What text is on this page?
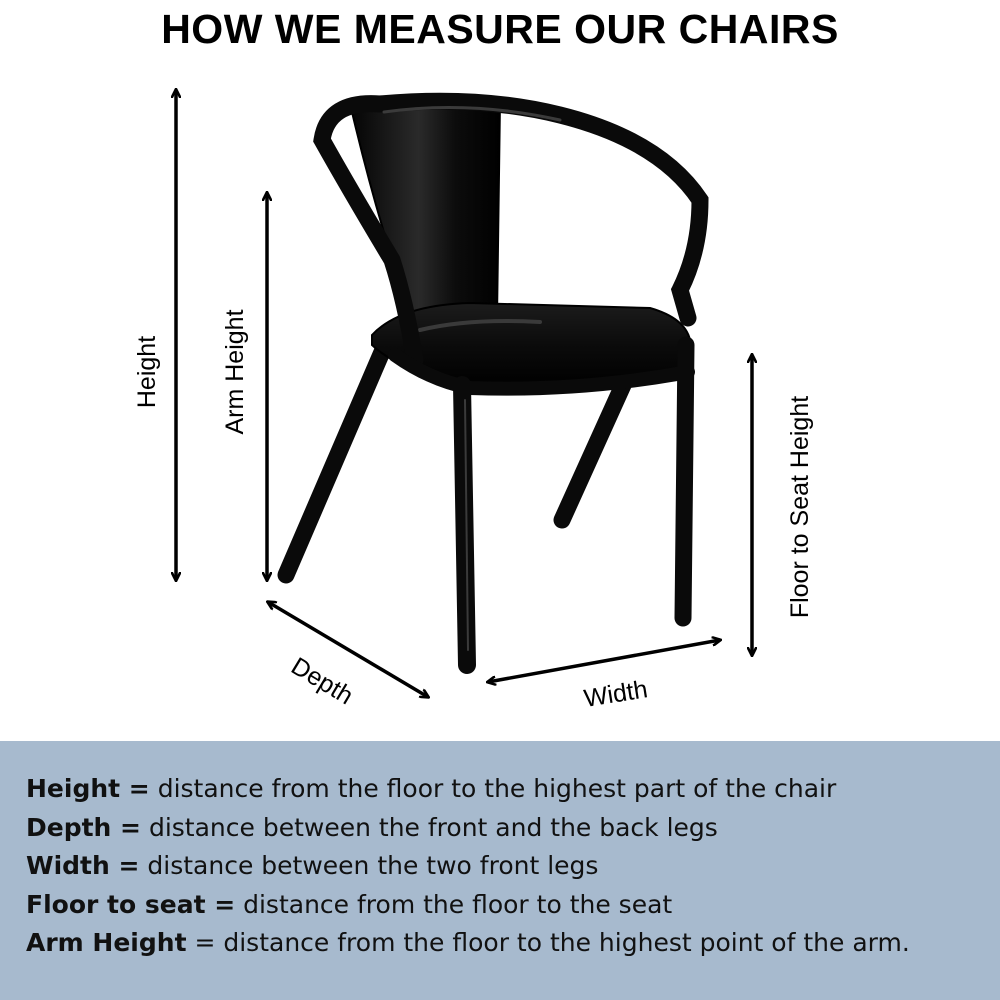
HOW WE MEASURE OUR CHAIRS
Height Arm Height
Floor to Seat Height
Depth	Width
Height = distance from the floor to the highest part of the chair
Depth = distance between the front and the back legs
Width = distance between the two front legs
Floor to seat = distance from the floor to the seat
Arm Height = distance from the floor to the highest point of the arm.
